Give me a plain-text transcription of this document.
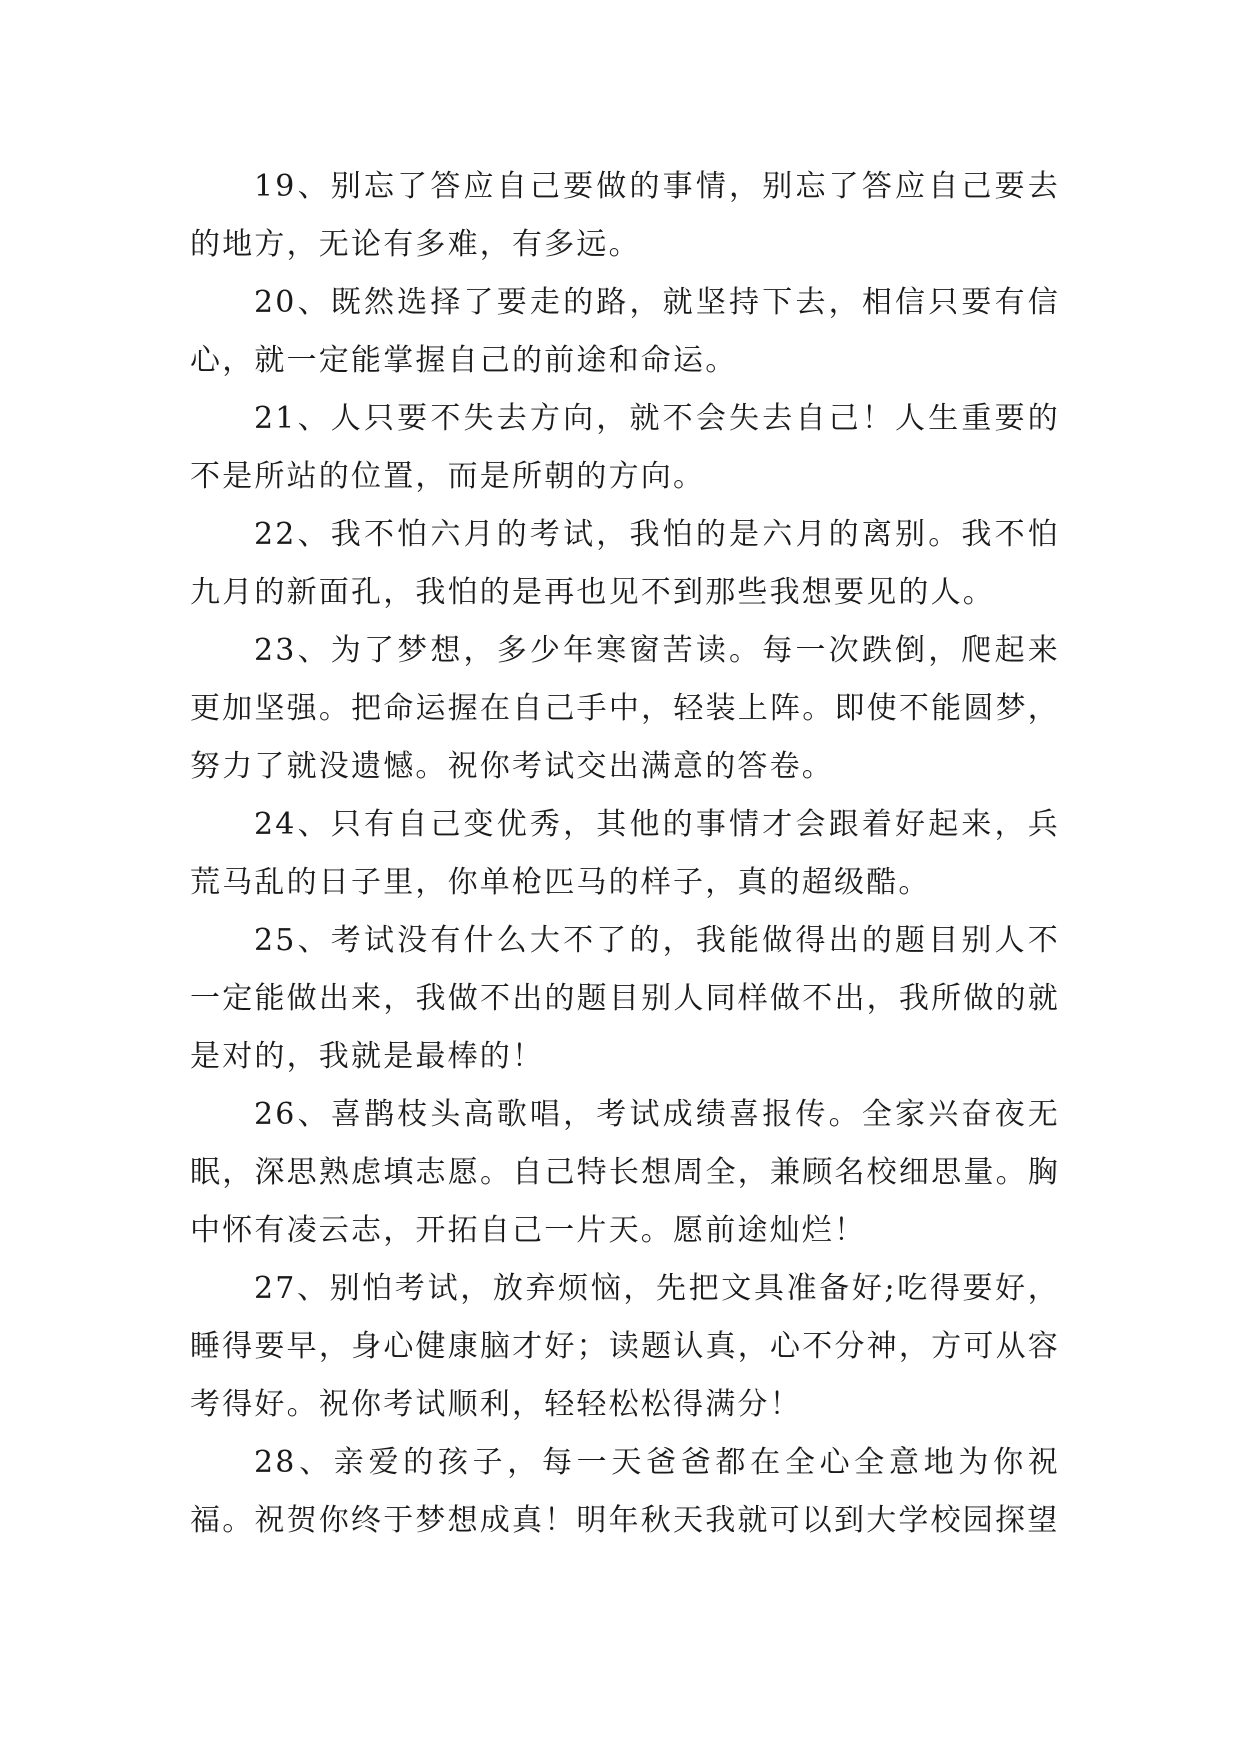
19、别忘了答应自己要做的事情，别忘了答应自己要去的地方，无论有多难，有多远。

20、既然选择了要走的路，就坚持下去，相信只要有信心，就一定能掌握自己的前途和命运。

21、人只要不失去方向，就不会失去自己！人生重要的不是所站的位置，而是所朝的方向。

22、我不怕六月的考试，我怕的是六月的离别。我不怕九月的新面孔，我怕的是再也见不到那些我想要见的人。

23、为了梦想，多少年寒窗苦读。每一次跌倒，爬起来更加坚强。把命运握在自己手中，轻装上阵。即使不能圆梦，努力了就没遗憾。祝你考试交出满意的答卷。

24、只有自己变优秀，其他的事情才会跟着好起来，兵荒马乱的日子里，你单枪匹马的样子，真的超级酷。

25、考试没有什么大不了的，我能做得出的题目别人不一定能做出来，我做不出的题目别人同样做不出，我所做的就是对的，我就是最棒的！

26、喜鹊枝头高歌唱，考试成绩喜报传。全家兴奋夜无眠，深思熟虑填志愿。自己特长想周全，兼顾名校细思量。胸中怀有凌云志，开拓自己一片天。愿前途灿烂！

27、别怕考试，放弃烦恼，先把文具准备好;吃得要好，睡得要早，身心健康脑才好；读题认真，心不分神，方可从容考得好。祝你考试顺利，轻轻松松得满分！

28、亲爱的孩子，每一天爸爸都在全心全意地为你祝福。祝贺你终于梦想成真！明年秋天我就可以到大学校园探望
